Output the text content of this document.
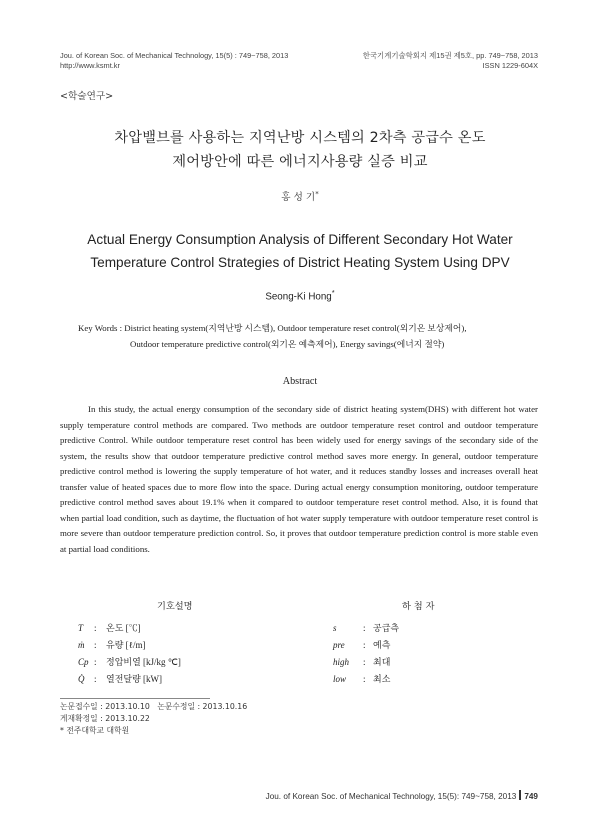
Jou. of Korean Soc. of Mechanical Technology, 15(5) : 749~758, 2013
http://www.ksmt.kr
한국기계기술학회지 제15권 제5호, pp. 749~758, 2013
ISSN 1229-604X
<학술연구>
차압밸브를 사용하는 지역난방 시스템의 2차측 공급수 온도
제어방안에 따른 에너지사용량 실증 비교
홍 성 기*
Actual Energy Consumption Analysis of Different Secondary Hot Water
Temperature Control Strategies of District Heating System Using DPV
Seong-Ki Hong*
Key Words : District heating system(지역난방 시스템), Outdoor temperature reset control(외기온 보상제어),
Outdoor temperature predictive control(외기온 예측제어), Energy savings(에너지 절약)
Abstract
In this study, the actual energy consumption of the secondary side of district heating system(DHS) with different hot water supply temperature control methods are compared. Two methods are outdoor temperature reset control and outdoor temperature predictive Control. While outdoor temperature reset control has been widely used for energy savings of the secondary side of the system, the results show that outdoor temperature predictive control method saves more energy. In general, outdoor temperature predictive control method is lowering the supply temperature of hot water, and it reduces standby losses and increases overall heat transfer value of heated spaces due to more flow into the space. During actual energy consumption monitoring, outdoor temperature predictive control method saves about 19.1% when it compared to outdoor temperature reset control method. Also, it is found that when partial load condition, such as daytime, the fluctuation of hot water supply temperature with outdoor temperature reset control is more severe than outdoor temperature prediction control. So, it proves that outdoor temperature prediction control is more stable even at partial load conditions.
기호설명
T : 온도 [℃]
ṁ : 유량 [ℓ/m]
Cp : 정압비열 [kJ/kg ℃]
Q̇ : 열전달량 [kW]
하 첨 자
s	: 공급측
pre : 예측
high : 최대
low : 최소
논문접수일 : 2013.10.10   논문수정일 : 2013.10.16
게재확정일 : 2013.10.22
* 전주대학교 대학원
Jou. of Korean Soc. of Mechanical Technology, 15(5): 749~758, 2013 749
